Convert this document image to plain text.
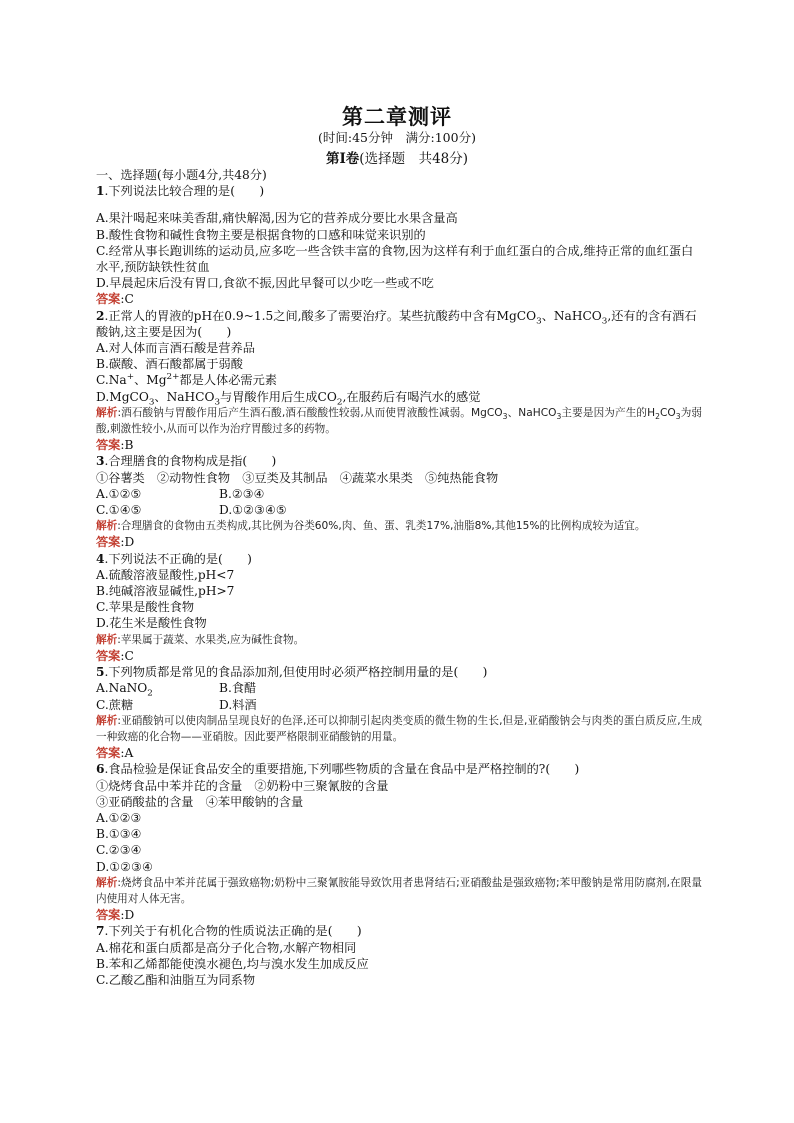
第二章测评
(时间:45分钟　满分:100分)
第Ⅰ卷(选择题　共48分)
一、选择题(每小题4分,共48分)
1.下列说法比较合理的是(　　)
A.果汁喝起来味美香甜,痛快解渴,因为它的营养成分要比水果含量高
B.酸性食物和碱性食物主要是根据食物的口感和味觉来识别的
C.经常从事长跑训练的运动员,应多吃一些含铁丰富的食物,因为这样有利于血红蛋白的合成,维持正常的血红蛋白水平,预防缺铁性贫血
D.早晨起床后没有胃口,食欲不振,因此早餐可以少吃一些或不吃
答案:C
2.正常人的胃液的pH在0.9~1.5之间,酸多了需要治疗。某些抗酸药中含有MgCO$_3$、NaHCO$_3$,还有的含有酒石酸钠,这主要是因为(　　)
A.对人体而言酒石酸是营养品
B.碳酸、酒石酸都属于弱酸
C.Na+、$Mg^{2+}$都是人体必需元素
D.MgCO$_3$、NaHCO$_3$与胃酸作用后生成$CO_2$,在服药后有喝汽水的感觉
解析:酒石酸钠与胃酸作用后产生酒石酸,酒石酸酸性较弱,从而使胃液酸性减弱。MgCO$_3$、NaHCO$_3$主要是因为产生的$H_2CO_3$为弱酸,刺激性较小,从而可以作为治疗胃酸过多的药物。
答案:B
3.合理膳食的食物构成是指(　　)
①谷薯类　②动物性食物　③豆类及其制品　④蔬菜水果类　⑤纯热能食物
A.①②⑤	B.②③④
C.①④⑤	D.①②③④⑤
解析:合理膳食的食物由五类构成,其比例为谷类60%,肉、鱼、蛋、乳类17%,油脂8%,其他15%的比例构成较为适宜。
答案:D
4.下列说法不正确的是(　　)
A.硫酸溶液显酸性,pH<7
B.纯碱溶液显碱性,pH>7
C.苹果是酸性食物
D.花生米是酸性食物
解析:苹果属于蔬菜、水果类,应为碱性食物。
答案:C
5.下列物质都是常见的食品添加剂,但使用时必须严格控制用量的是(　　)
A.NaNO$_2$	B.食醋
C.蔗糖	D.料酒
解析:亚硝酸钠可以使肉制品呈现良好的色泽,还可以抑制引起肉类变质的微生物的生长,但是,亚硝酸钠会与肉类的蛋白质反应,生成一种致癌的化合物——亚硝胺。因此要严格限制亚硝酸钠的用量。
答案:A
6.食品检验是保证食品安全的重要措施,下列哪些物质的含量在食品中是严格控制的?(　　)
①烧烤食品中苯并芘的含量　②奶粉中三聚氰胺的含量
③亚硝酸盐的含量　④苯甲酸钠的含量
A.①②③
B.①③④
C.②③④
D.①②③④
解析:烧烤食品中苯并芘属于强致癌物;奶粉中三聚氰胺能导致饮用者患肾结石;亚硝酸盐是强致癌物;苯甲酸钠是常用防腐剂,在限量内使用对人体无害。
答案:D
7.下列关于有机化合物的性质说法正确的是(　　)
A.棉花和蛋白质都是高分子化合物,水解产物相同
B.苯和乙烯都能使溴水褪色,均与溴水发生加成反应
C.乙酸乙酯和油脂互为同系物
